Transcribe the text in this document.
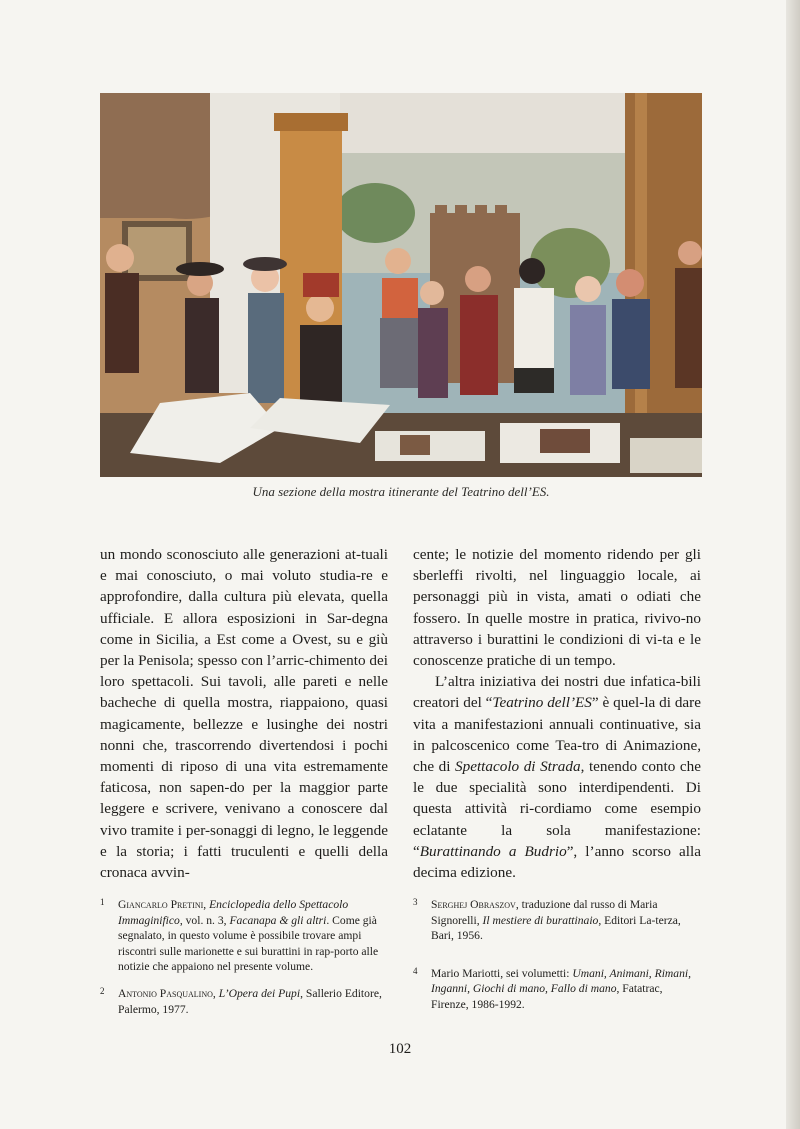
Una sezione della mostra itinerante del Teatrino dell’ES.

un mondo sconosciuto alle generazioni at-tuali e mai conosciuto, o mai voluto studia-re e approfondire, dalla cultura più elevata, quella ufficiale. E allora esposizioni in Sar-degna come in Sicilia, a Est come a Ovest, su e giù per la Penisola; spesso con l’arric-chimento dei loro spettacoli. Sui tavoli, alle pareti e nelle bacheche di quella mostra, riappaiono, quasi magicamente, bellezze e lusinghe dei nostri nonni che, trascorrendo divertendosi i pochi momenti di riposo di una vita estremamente faticosa, non sapen-do per la maggior parte leggere e scrivere, venivano a conoscere dal vivo tramite i per-sonaggi di legno, le leggende e la storia; i fatti truculenti e quelli della cronaca avvin-

cente; le notizie del momento ridendo per gli sberleffi rivolti, nel linguaggio locale, ai personaggi più in vista, amati o odiati che fossero. In quelle mostre in pratica, rivivo-no attraverso i burattini le condizioni di vi-ta e le conoscenze pratiche di un tempo.

L’altra iniziativa dei nostri due infatica-bili creatori del “Teatrino dell’ES” è quel-la di dare vita a manifestazioni annuali continuative, sia in palcoscenico come Tea-tro di Animazione, che di Spettacolo di Strada, tenendo conto che le due specialità sono interdipendenti. Di questa attività ri-cordiamo come esempio eclatante la sola manifestazione: “Burattinando a Budrio”, l’anno scorso alla decima edizione.

1 Giancarlo Pretini, Enciclopedia dello Spettacolo Immaginifico, vol. n. 3, Facanapa & gli altri. Come già segnalato, in questo volume è possibile trovare ampi riscontri sulle marionette e sui burattini in rap-porto alle notizie che appaiono nel presente volume.
2 Antonio Pasqualino, L’Opera dei Pupi, Sallerio Editore, Palermo, 1977.
3 Serghej Obraszov, traduzione dal russo di Maria Signorelli, Il mestiere di burattinaio, Editori La-terza, Bari, 1956.
4 Mario Mariotti, sei volumetti: Umani, Animani, Rimani, Inganni, Giochi di mano, Fallo di mano, Fatatrac, Firenze, 1986-1992.
102
